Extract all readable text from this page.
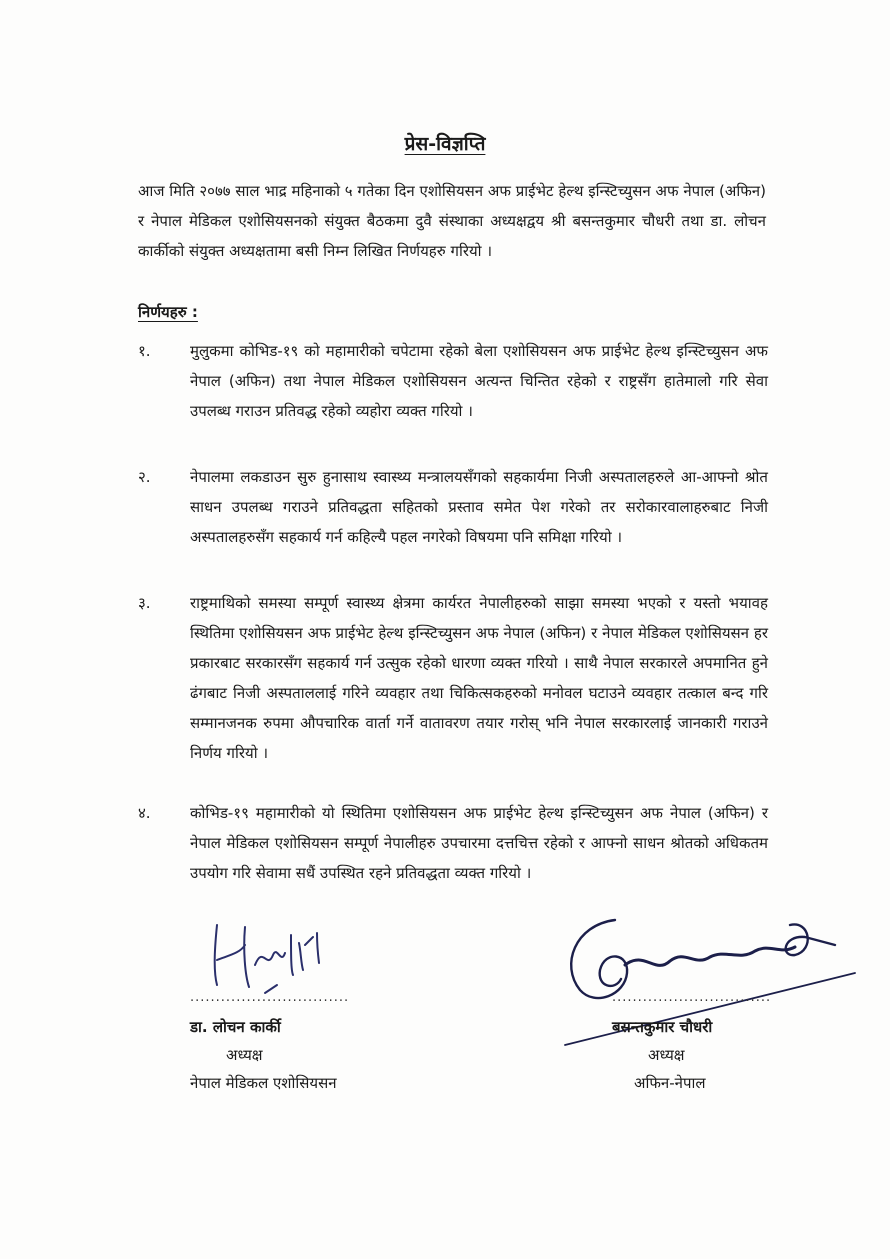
प्रेस-विज्ञप्ति
आज मिति २०७७ साल भाद्र महिनाको ५ गतेका दिन एशोसियसन अफ प्राईभेट हेल्थ इन्स्टिच्युसन अफ नेपाल (अफिन) र नेपाल मेडिकल एशोसियसनको संयुक्त बैठकमा दुवै संस्थाका अध्यक्षद्वय श्री बसन्तकुमार चौधरी तथा डा. लोचन कार्कीको संयुक्त अध्यक्षतामा बसी निम्न लिखित निर्णयहरु गरियो ।
निर्णयहरु :
१.	मुलुकमा कोभिड-१९ को महामारीको चपेटामा रहेको बेला एशोसियसन अफ प्राईभेट हेल्थ इन्स्टिच्युसन अफ नेपाल (अफिन) तथा नेपाल मेडिकल एशोसियसन अत्यन्त चिन्तित रहेको र राष्ट्रसँग हातेमालो गरि सेवा उपलब्ध गराउन प्रतिवद्ध रहेको व्यहोरा व्यक्त गरियो ।
२.	नेपालमा लकडाउन सुरु हुनासाथ स्वास्थ्य मन्त्रालयसँगको सहकार्यमा निजी अस्पतालहरुले आ-आफ्नो श्रोत साधन उपलब्ध गराउने प्रतिवद्धता सहितको प्रस्ताव समेत पेश गरेको तर सरोकारवालाहरुबाट निजी अस्पतालहरुसँग सहकार्य गर्न कहिल्यै पहल नगरेको विषयमा पनि समिक्षा गरियो ।
३.	राष्ट्रमाथिको समस्या सम्पूर्ण स्वास्थ्य क्षेत्रमा कार्यरत नेपालीहरुको साझा समस्या भएको र यस्तो भयावह स्थितिमा एशोसियसन अफ प्राईभेट हेल्थ इन्स्टिच्युसन अफ नेपाल (अफिन) र नेपाल मेडिकल एशोसियसन हर प्रकारबाट सरकारसँग सहकार्य गर्न उत्सुक रहेको धारणा व्यक्त गरियो । साथै नेपाल सरकारले अपमानित हुने ढंगबाट निजी अस्पताललाई गरिने व्यवहार तथा चिकित्सकहरुको मनोवल घटाउने व्यवहार तत्काल बन्द गरि सम्मानजनक रुपमा औपचारिक वार्ता गर्ने वातावरण तयार गरोस् भनि नेपाल सरकारलाई जानकारी गराउने निर्णय गरियो ।
४.	कोभिड-१९ महामारीको यो स्थितिमा एशोसियसन अफ प्राईभेट हेल्थ इन्स्टिच्युसन अफ नेपाल (अफिन) र नेपाल मेडिकल एशोसियसन सम्पूर्ण नेपालीहरु उपचारमा दत्तचित्त रहेको र आफ्नो साधन श्रोतको अधिकतम उपयोग गरि सेवामा सधैं उपस्थित रहने प्रतिवद्धता व्यक्त गरियो ।
...............................
डा. लोचन कार्की
अध्यक्ष
नेपाल मेडिकल एशोसियसन
...............................
बसन्तकुमार चौधरी
अध्यक्ष
अफिन-नेपाल
